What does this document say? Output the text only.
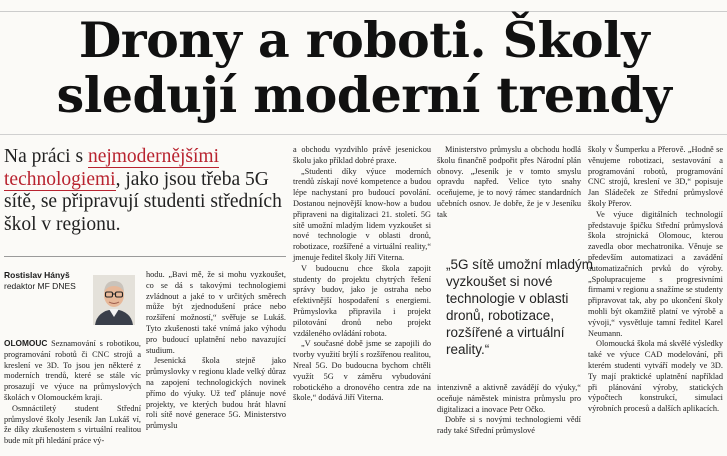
Drony a roboti. Školy
sledují moderní trendy

Na práci s nejmodernějšími technologiemi, jako jsou třeba 5G sítě, se připravují studenti středních škol v regionu.

Rostislav Hányš
redaktor MF DNES

OLOMOUC Seznamování s robotikou, programování robotů či CNC strojů a kreslení ve 3D. To jsou jen některé z moderních trendů, které se stále víc prosazují ve výuce na průmyslových školách v Olomouckém kraji.

Osmnáctiletý student Střední průmyslové školy Jeseník Jan Lukáš ví, že díky zkušenostem s virtuální realitou bude mít při hledání práce vý-

hodu. „Bavi mě, že si mohu vyzkoušet, co se dá s takovými technologiemi zvládnout a jaké to v určitých směrech může být zjednodušení práce nebo rozšíření možností,“ svěřuje se Lukáš. Tyto zkušenosti také vnímá jako výhodu pro budoucí uplatnění nebo navazující studium.

Jesenická škola stejně jako průmyslovky v regionu klade velký důraz na zapojení technologických novinek přímo do výuky. Už teď plánuje nové projekty, ve kterých budou hrát hlavní roli sítě nové generace 5G. Ministerstvo průmyslu

a obchodu vyzdvihlo právě jesenickou školu jako příklad dobré praxe.

„Studenti díky výuce moderních trendů získají nové kompetence a budou lépe nachystaní pro budoucí povolání. Dostanou nejnovější know-how a budou připraveni na digitalizaci 21. století. 5G sítě umožní mladým lidem vyzkoušet si nové technologie v oblasti dronů, robotizace, rozšířené a virtuální reality,“ jmenuje ředitel školy Jiří Viterna.

V budoucnu chce škola zapojit studenty do projektu chytrých řešení správy budov, jako je ostraha nebo efektivnější hospodaření s energiemi. Průmyslovka připravila i projekt pilotování dronů nebo projekt vzdáleného ovládání robota.

„V současné době jsme se zapojili do tvorby využití brýlí s rozšířenou realitou, Nreal 5G. Do budoucna bychom chtěli využít 5G v záměru vybudování robotického a dronového centra zde na škole,“ dodává Jiří Viterna.

Ministerstvo průmyslu a obchodu hodlá školu finančně podpořit přes Národní plán obnovy. „Jesenik je v tomto smyslu opravdu napřed. Velice tyto snahy oceňujeme, je to nový rámec standardních učebních osnov. Je dobře, že je v Jeseníku tak

„5G sítě umožní mladým vyzkoušet si nové technologie v oblasti dronů, robotizace, rozšířené a virtuální reality.“

intenzivně a aktivně zavádějí do výuky,“ oceňuje náměstek ministra průmyslu pro digitalizaci a inovace Petr Očko.

Dobře si s novými technologiemi vědí rady také Střední průmyslové

školy v Šumperku a Přerově. „Hodně se věnujeme robotizaci, sestavování a programování robotů, programování CNC strojů, kreslení ve 3D,“ popisuje Jan Sládeček ze Střední průmyslové školy Přerov.

Ve výuce digitálních technologií představuje špičku Střední průmyslová škola strojnická Olomouc, kterou zavedla obor mechatronika. Věnuje se především automatizaci a zavádění automatizačních prvků do výroby. „Spolupracujeme s progresivními firmami v regionu a snažíme se studenty připravovat tak, aby po ukončení školy mohli být okamžitě platní ve výrobě a vývoji,“ vysvětluje tamní ředitel Karel Neumann.

Olomoucká škola má skvělé výsledky také ve výuce CAD modelování, při kterém studenti vytváří modely ve 3D. Ty mají praktické uplatnění například při plánování výroby, statických výpočtech konstrukcí, simulaci výrobních procesů a dalších aplikacích.
